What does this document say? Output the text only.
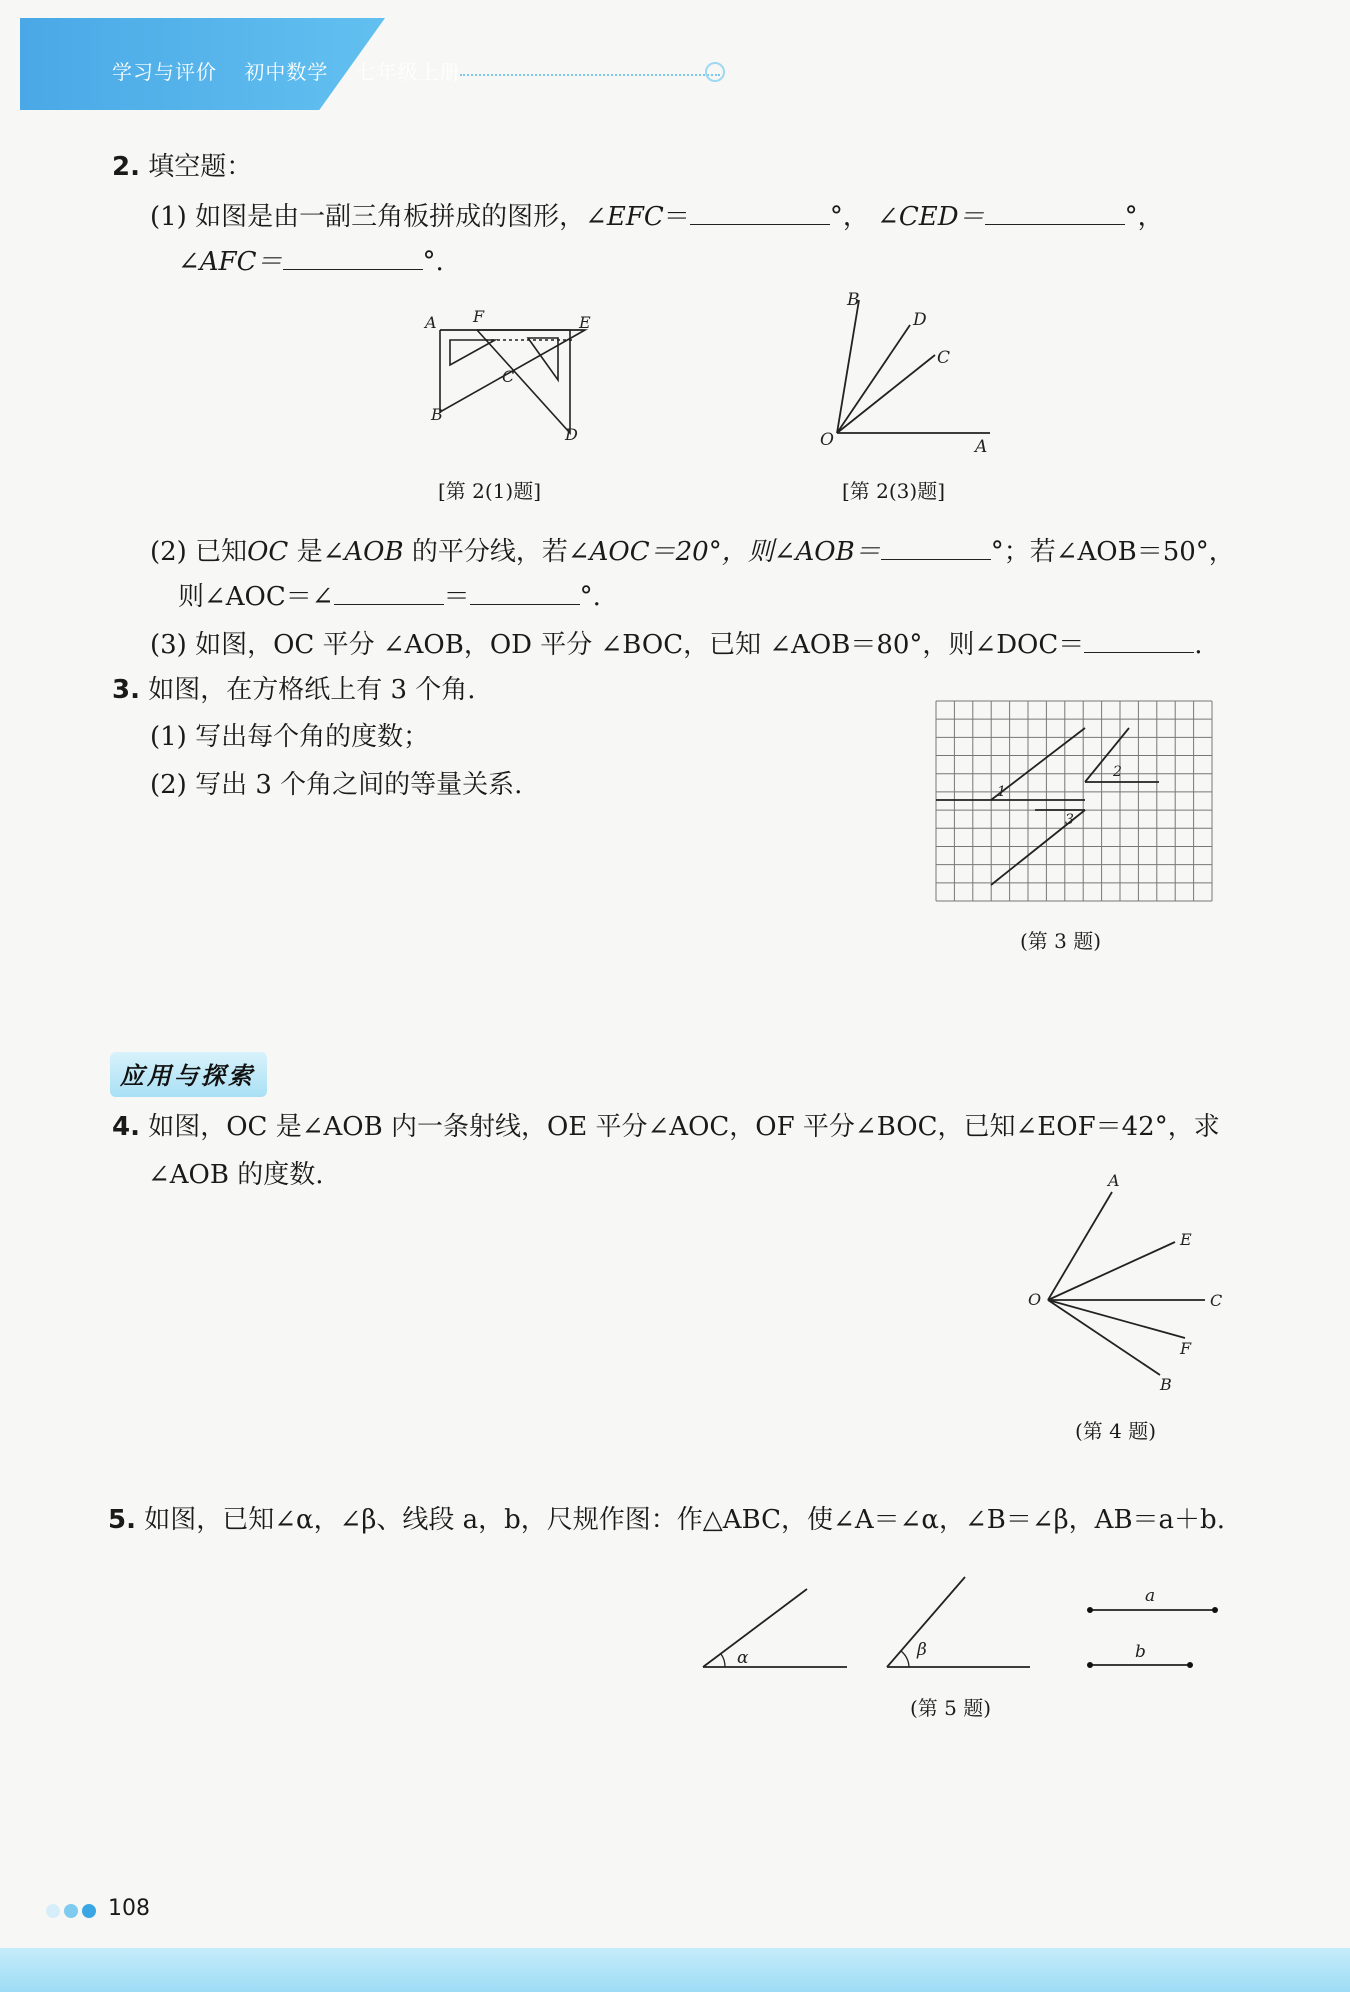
学习与评价 初中数学 七年级上册
2. 填空题：
(1) 如图是由一副三角板拼成的图形，∠EFC＝	°， ∠CED＝	°，
∠AFC＝	°.
A F	E
C
B
D
[第 2(1)题]
B
D
C
O	A
[第 2(3)题]
(2) 已知OC 是∠AOB 的平分线，若∠AOC＝20°，则∠AOB＝	°；若∠AOB＝50°，
则∠AOC＝∠	＝	°.
(3) 如图，OC 平分 ∠AOB，OD 平分 ∠BOC，已知 ∠AOB＝80°，则∠DOC＝	.
3. 如图，在方格纸上有 3 个角.
(1) 写出每个角的度数；
(2) 写出 3 个角之间的等量关系.	1
2
3
(第 3 题)
应用与探索
4. 如图，OC 是∠AOB 内一条射线，OE 平分∠AOC，OF 平分∠BOC，已知∠EOF＝42°，求
∠AOB 的度数.	A
E
O	C
F
B
(第 4 题)
5. 如图，已知∠α，∠β、线段 a，b，尺规作图：作△ABC，使∠A＝∠α，∠B＝∠β，AB＝a＋b.
α	β
a
b
(第 5 题)
108
